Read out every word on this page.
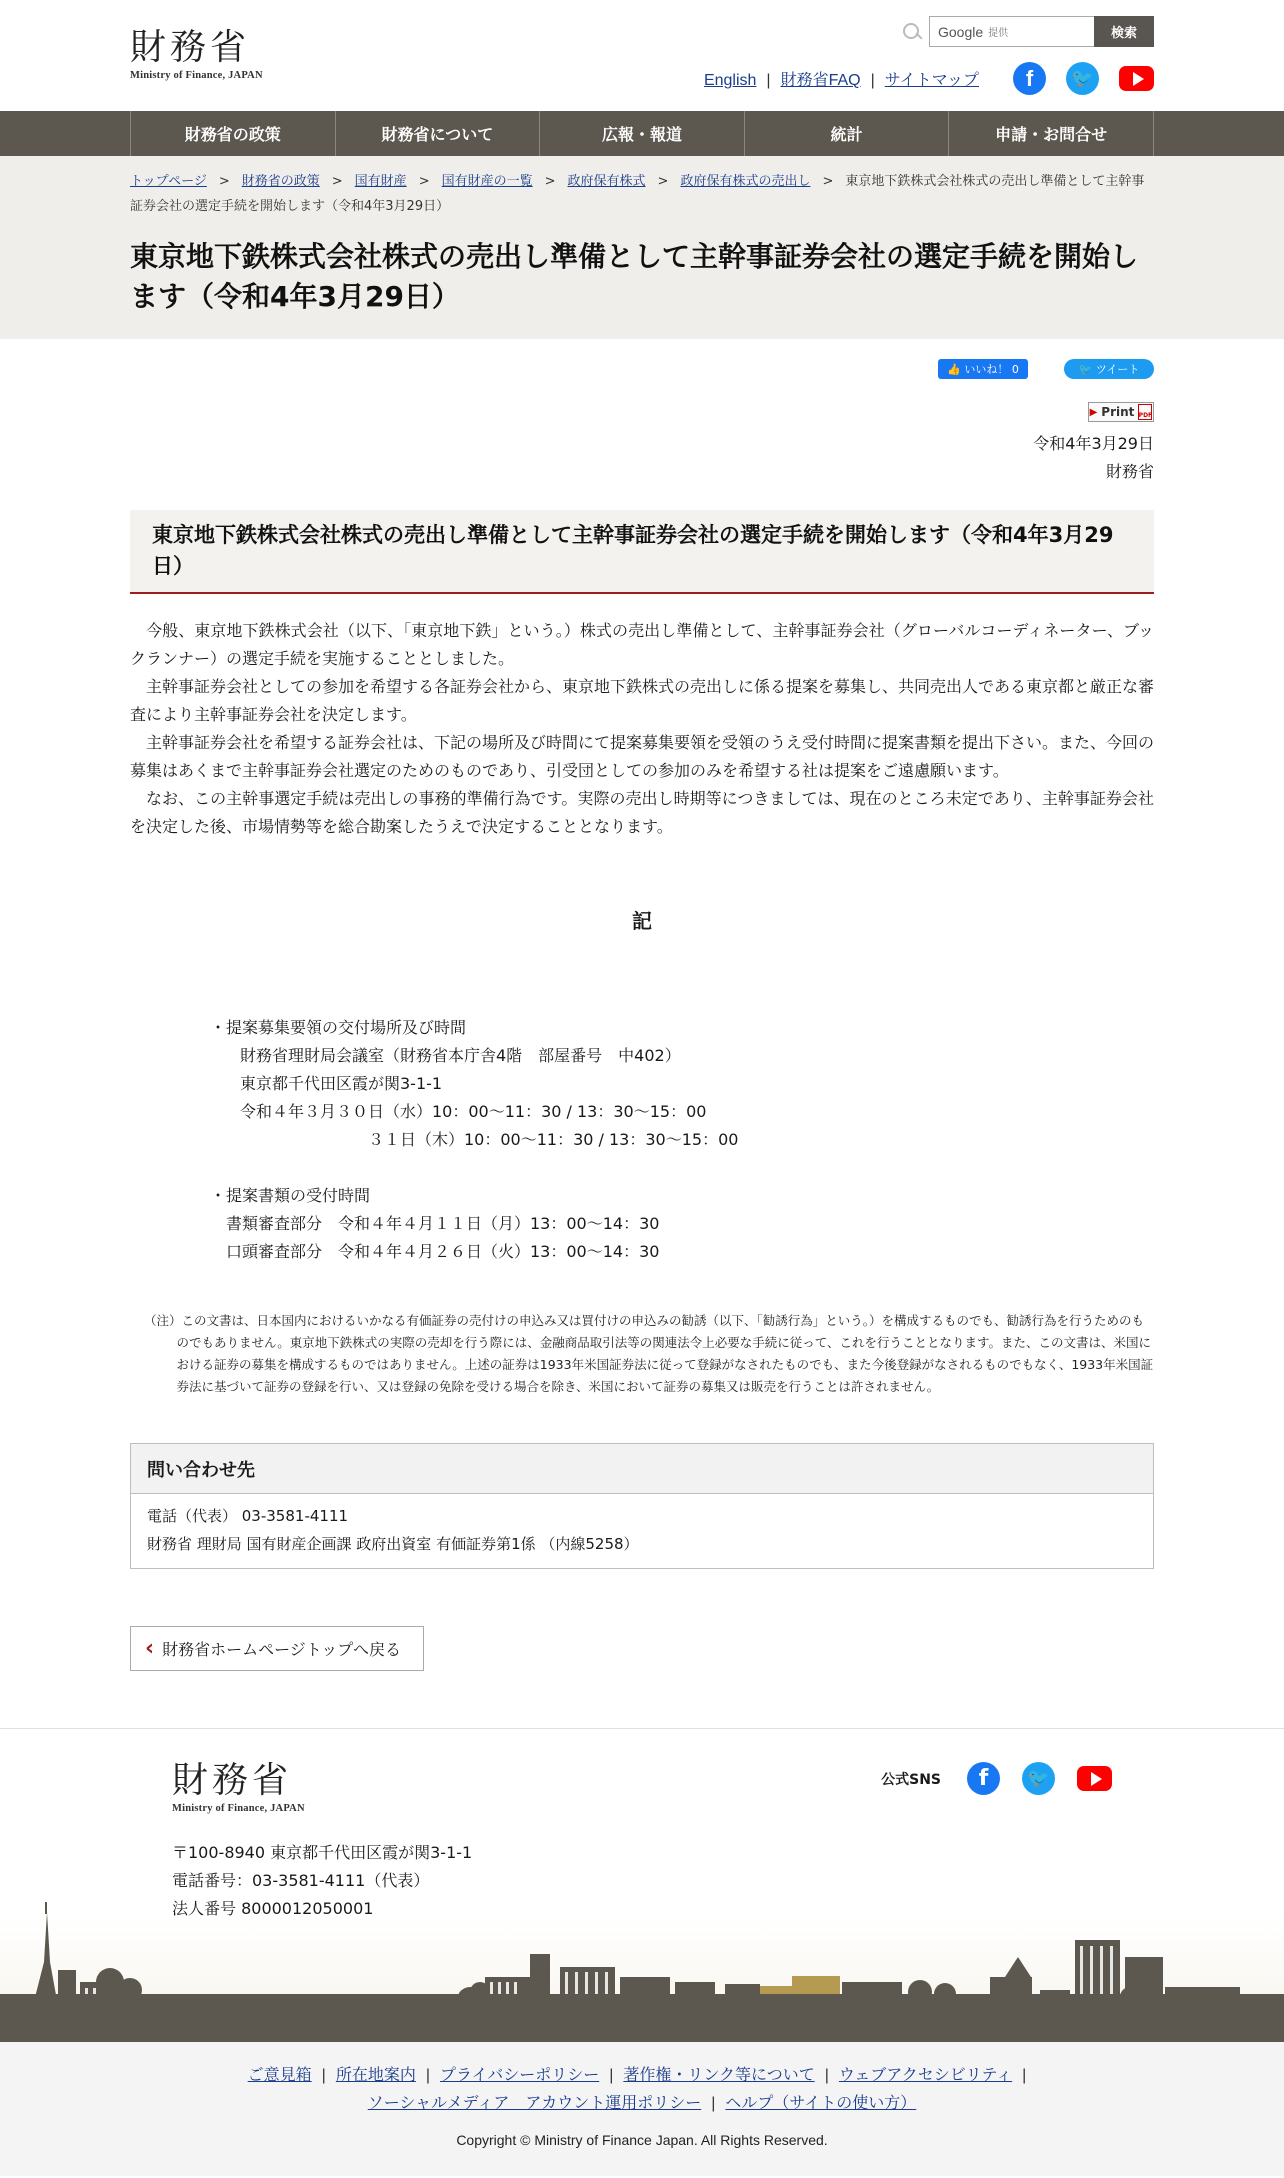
財務省
Ministry of Finance, JAPAN
Google 提供	検索
English | 財務省FAQ | サイトマップ	f	🐦
財務省の政策	財務省について	広報・報道	統計	申請・お問合せ
トップページ > 財務省の政策 > 国有財産 > 国有財産の一覧 > 政府保有株式 > 政府保有株式の売出し > 東京地下鉄株式会社株式の売出し準備として主幹事証券会社の選定手続を開始します（令和4年3月29日）
東京地下鉄株式会社株式の売出し準備として主幹事証券会社の選定手続を開始します（令和4年3月29日）
👍 いいね！ 0	🐦 ツイート
▶ Print PDF
令和4年3月29日
財務省
東京地下鉄株式会社株式の売出し準備として主幹事証券会社の選定手続を開始します（令和4年3月29日）

　今般、東京地下鉄株式会社（以下、「東京地下鉄」という。）株式の売出し準備として、主幹事証券会社（グローバルコーディネーター、ブックランナー）の選定手続を実施することとしました。

　主幹事証券会社としての参加を希望する各証券会社から、東京地下鉄株式の売出しに係る提案を募集し、共同売出人である東京都と厳正な審査により主幹事証券会社を決定します。

　主幹事証券会社を希望する証券会社は、下記の場所及び時間にて提案募集要領を受領のうえ受付時間に提案書類を提出下さい。また、今回の募集はあくまで主幹事証券会社選定のためのものであり、引受団としての参加のみを希望する社は提案をご遠慮願います。

　なお、この主幹事選定手続は売出しの事務的準備行為です。実際の売出し時期等につきましては、現在のところ未定であり、主幹事証券会社を決定した後、市場情勢等を総合勘案したうえで決定することとなります。

記
・提案募集要領の交付場所及び時間
財務省理財局会議室（財務省本庁舎4階　部屋番号　中402）
東京都千代田区霞が関3-1-1
令和４年３月３０日（水）10：00～11：30 / 13：30～15：00
３１日（木）10：00～11：30 / 13：30～15：00
・提案書類の受付時間
書類審査部分　令和４年４月１１日（月）13：00～14：30
口頭審査部分　令和４年４月２６日（火）13：00～14：30

（注）この文書は、日本国内におけるいかなる有価証券の売付けの申込み又は買付けの申込みの勧誘（以下、「勧誘行為」という。）を構成するものでも、勧誘行為を行うためのものでもありません。東京地下鉄株式の実際の売却を行う際には、金融商品取引法等の関連法令上必要な手続に従って、これを行うこととなります。また、この文書は、米国における証券の募集を構成するものではありません。上述の証券は1933年米国証券法に従って登録がなされたものでも、また今後登録がなされるものでもなく、1933年米国証券法に基づいて証券の登録を行い、又は登録の免除を受ける場合を除き、米国において証券の募集又は販売を行うことは許されません。

問い合わせ先
電話（代表） 03-3581-4111
財務省 理財局 国有財産企画課 政府出資室 有価証券第1係 （内線5258）
‹ 財務省ホームページトップへ戻る
財務省
Ministry of Finance, JAPAN
公式SNS	f	🐦
〒100-8940 東京都千代田区霞が関3-1-1
電話番号：03-3581-4111（代表）
法人番号 8000012050001
ご意見箱 | 所在地案内 | プライバシーポリシー | 著作権・リンク等について | ウェブアクセシビリティ |
ソーシャルメディア　アカウント運用ポリシー | ヘルプ（サイトの使い方）
Copyright © Ministry of Finance Japan. All Rights Reserved.
